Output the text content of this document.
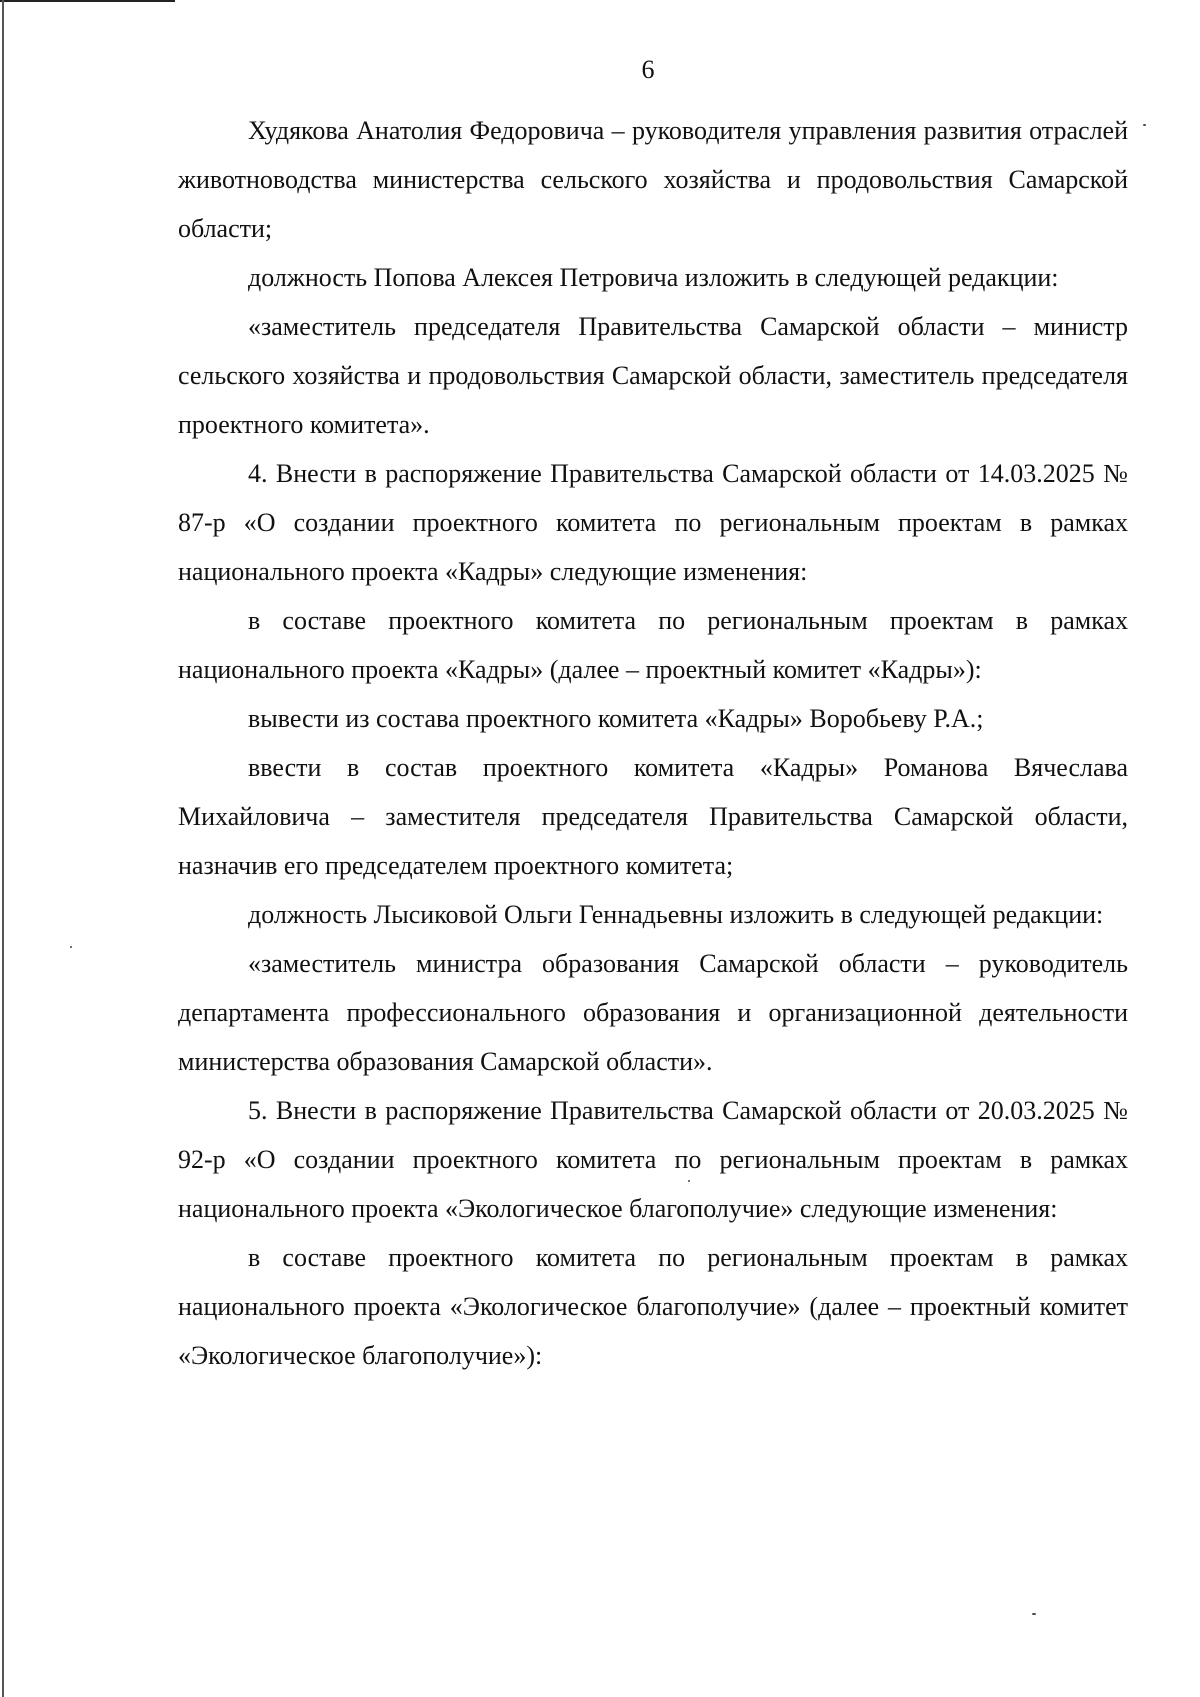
6

Худякова Анатолия Федоровича – руководителя управления развития отраслей животноводства министерства сельского хозяйства и продовольствия Самарской области;

должность Попова Алексея Петровича изложить в следующей редакции:

«заместитель председателя Правительства Самарской области – министр сельского хозяйства и продовольствия Самарской области, заместитель председателя проектного комитета».

4. Внести в распоряжение Правительства Самарской области от 14.03.2025 № 87-р «О создании проектного комитета по региональным проектам в рамках национального проекта «Кадры» следующие изменения:

в составе проектного комитета по региональным проектам в рамках национального проекта «Кадры» (далее – проектный комитет «Кадры»):

вывести из состава проектного комитета «Кадры» Воробьеву Р.А.;

ввести в состав проектного комитета «Кадры» Романова Вячеслава Михайловича – заместителя председателя Правительства Самарской области, назначив его председателем проектного комитета;

должность Лысиковой Ольги Геннадьевны изложить в следующей редакции:

«заместитель министра образования Самарской области – руководитель департамента профессионального образования и организационной деятельности министерства образования Самарской области».

5. Внести в распоряжение Правительства Самарской области от 20.03.2025 № 92-р «О создании проектного комитета по региональным проектам в рамках национального проекта «Экологическое благополучие» следующие изменения:

в составе проектного комитета по региональным проектам в рамках национального проекта «Экологическое благополучие» (далее – проектный комитет «Экологическое благополучие»):
